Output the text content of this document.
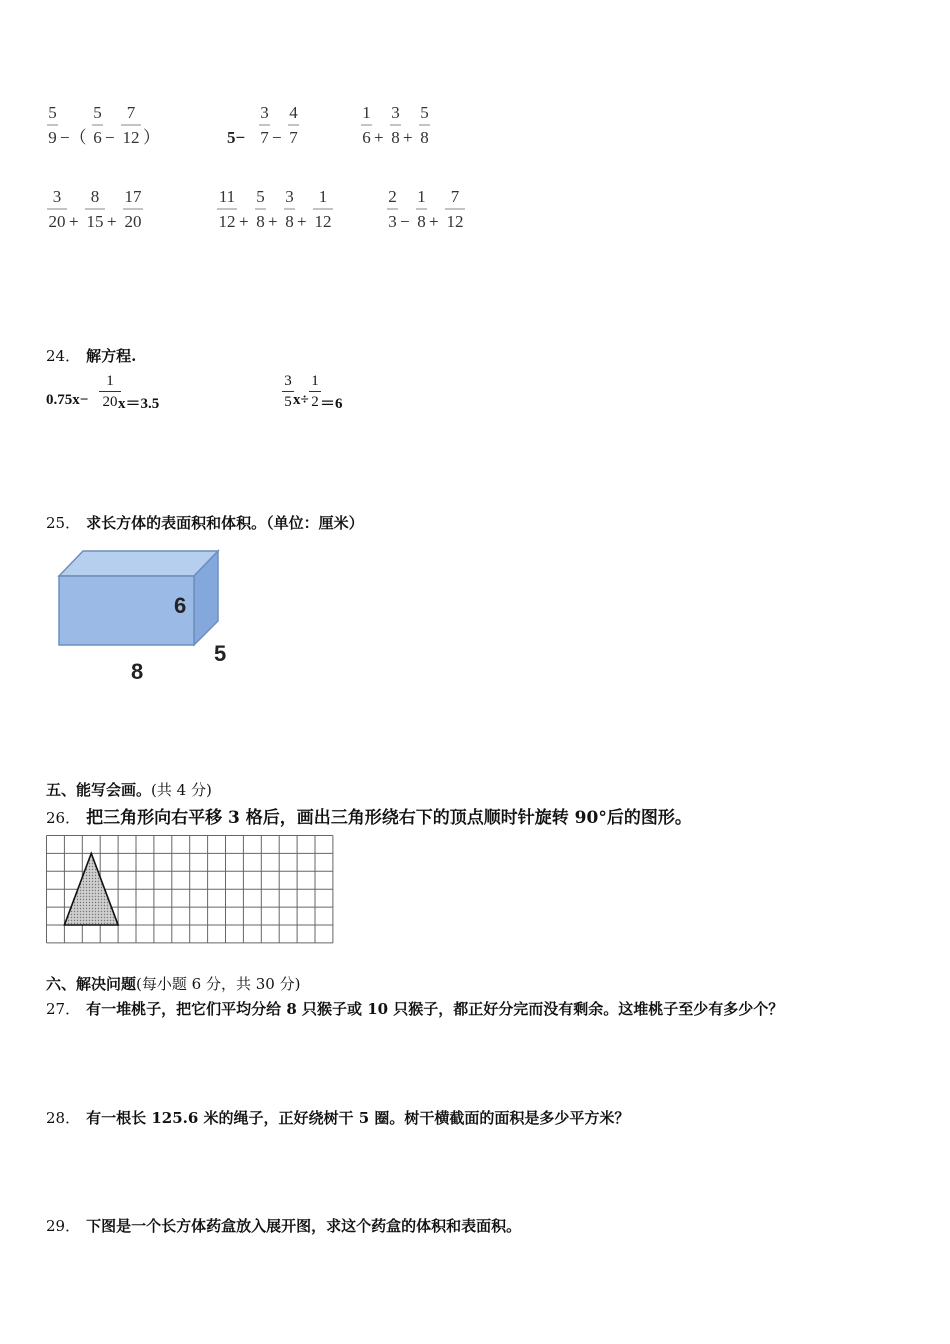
5
9 −（
5
6 −
7
12 ）	5−
3
7 −
4
7
1
6 +
3
8 +
5
8
3
20 +
8
15 +
17
20
11
12 +
5
8 +
3
8 +
1
12
2
3 −
1
8 +
7
12
24． 解方程.
0.75x−
1
20 x＝3.5
3
5 x÷
1
2 ＝6
25． 求长方体的表面积和体积。（单位：厘米）
6
5
8
五、能写会画。(共 4 分)
26． 把三角形向右平移 3 格后，画出三角形绕右下的顶点顺时针旋转 90°后的图形。
六、解决问题(每小题 6 分，共 30 分)
27． 有一堆桃子，把它们平均分给 8 只猴子或 10 只猴子，都正好分完而没有剩余。这堆桃子至少有多少个？
28． 有一根长 125.6 米的绳子，正好绕树干 5 圈。树干横截面的面积是多少平方米？
29． 下图是一个长方体药盒放入展开图，求这个药盒的体积和表面积。
